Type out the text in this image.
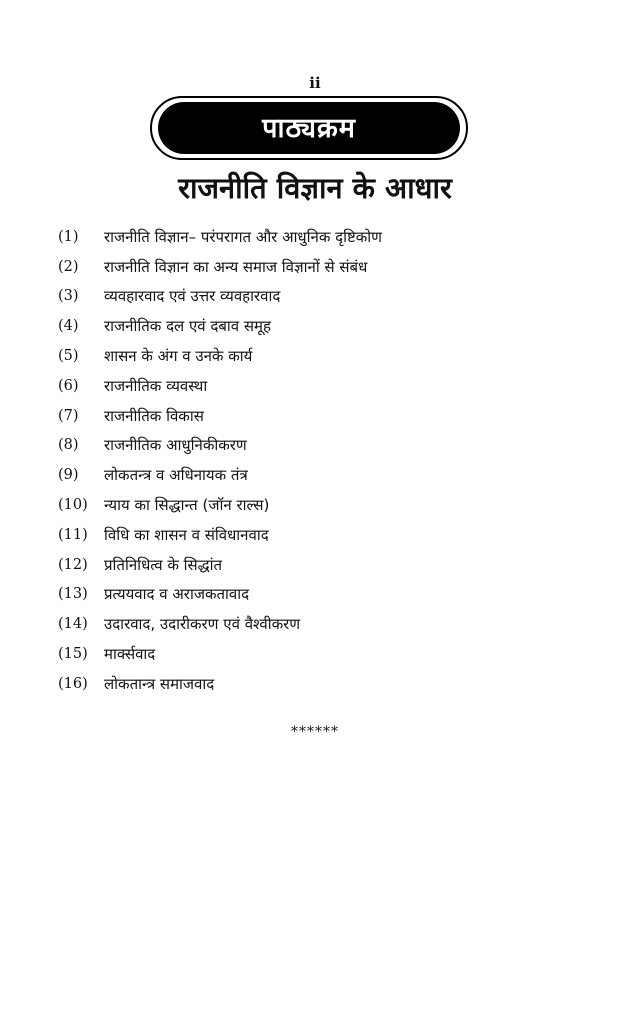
ii
पाठ्यक्रम
राजनीति विज्ञान के आधार
(1)	राजनीति विज्ञान– परंपरागत और आधुनिक दृष्टिकोण
(2)	राजनीति विज्ञान का अन्य समाज विज्ञानों से संबंध
(3)	व्यवहारवाद एवं उत्तर व्यवहारवाद
(4)	राजनीतिक दल एवं दबाव समूह
(5)	शासन के अंग व उनके कार्य
(6)	राजनीतिक व्यवस्था
(7)	राजनीतिक विकास
(8)	राजनीतिक आधुनिकीकरण
(9)	लोकतन्त्र व अधिनायक तंत्र
(10)	न्याय का सिद्धान्त (जॉन राल्स)
(11)	विधि का शासन व संविधानवाद
(12)	प्रतिनिधित्व के सिद्धांत
(13)	प्रत्ययवाद व अराजकतावाद
(14)	उदारवाद, उदारीकरण एवं वैश्वीकरण
(15)	मार्क्सवाद
(16)	लोकतान्त्र समाजवाद
******
